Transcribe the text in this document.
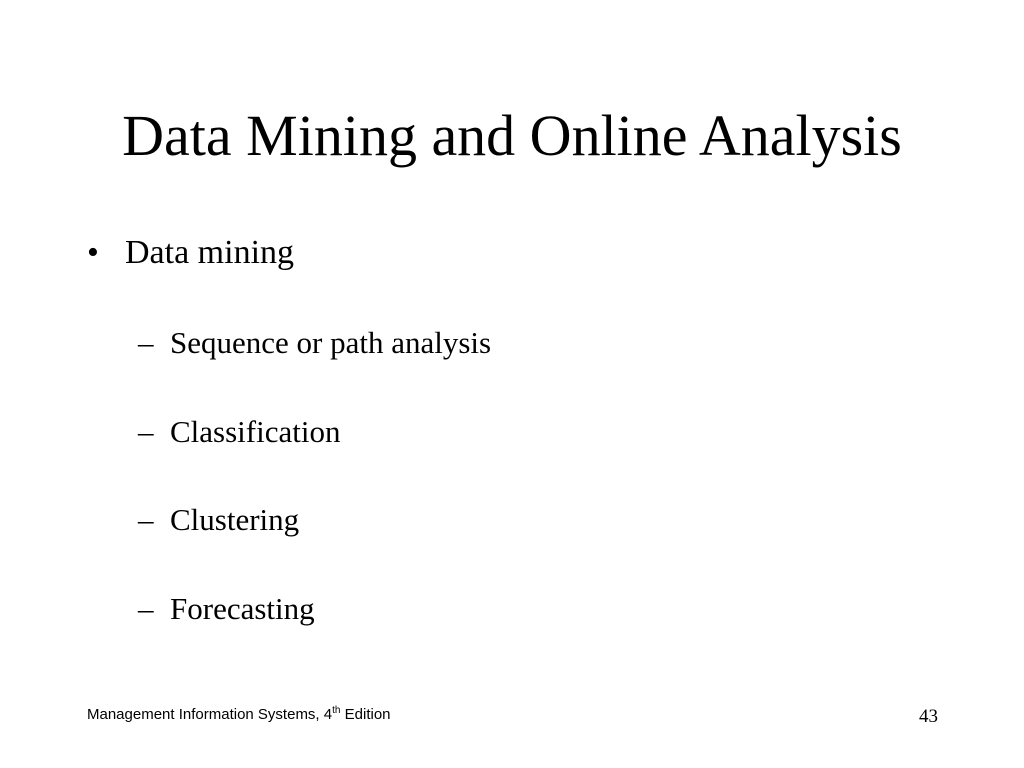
Data Mining and Online Analysis
• Data mining
– Sequence or path analysis
– Classification
– Clustering
– Forecasting
Management Information Systems, 4th Edition	43
